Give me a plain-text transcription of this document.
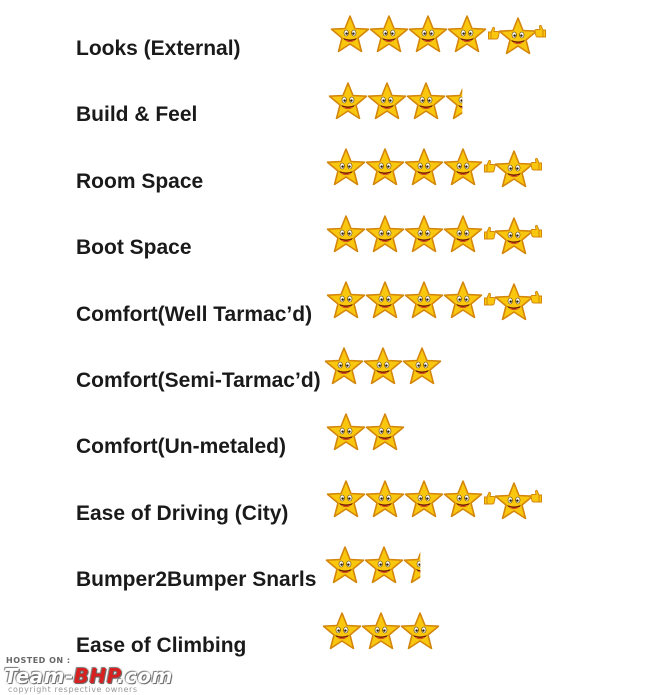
Looks (External)
Build & Feel
Room Space
Boot Space
Comfort(Well Tarmac’d)
Comfort(Semi-Tarmac’d)
Comfort(Un-metaled)
Ease of Driving (City)
Bumper2Bumper Snarls
Ease of Climbing
HOSTED ON :
Team-BHP.com
copyright respective owners
